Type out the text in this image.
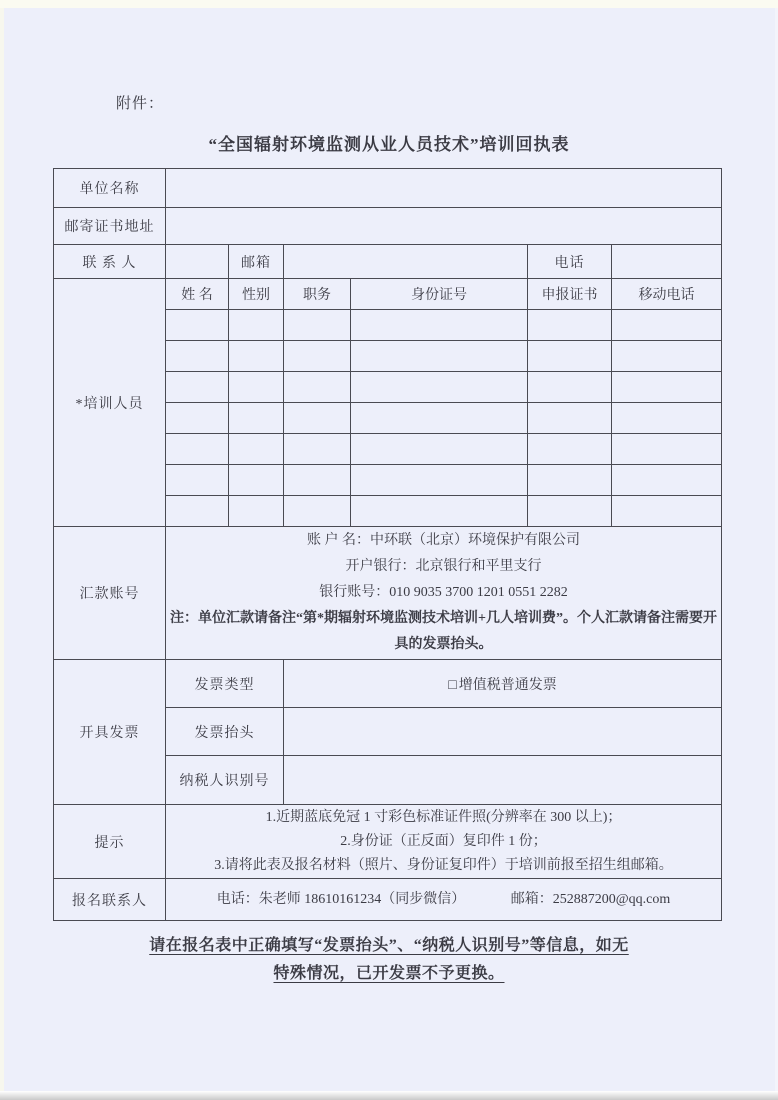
附件：
“全国辐射环境监测从业人员技术”培训回执表
单位名称						
邮寄证书地址						
联 系 人		邮箱			电话	
*培训人员	姓 名	性别	职务	身份证号	申报证书	移动电话

汇款账号	账 户 名：中环联（北京）环境保护有限公司
开户银行：北京银行和平里支行
银行账号：010 9035 3700 1201 0551 2282
注：单位汇款请备注“第*期辐射环境监测技术培训+几人培训费”。个人汇款请备注需要开具的发票抬头。					

开具发票	发票类型		□ 增值税普通发票			
	发票抬头					
	纳税人识别号					
提示	1.近期蓝底免冠 1 寸彩色标准证件照(分辨率在 300 以上)；
2.身份证（正反面）复印件 1 份；
3.请将此表及报名材料（照片、身份证复印件）于培训前报至招生组邮箱。					

报名联系人	电话：朱老师 18610161234（同步微信） 邮箱：252887200@qq.com					
请在报名表中正确填写“发票抬头”、“纳税人识别号”等信息，如无
特殊情况，已开发票不予更换。
